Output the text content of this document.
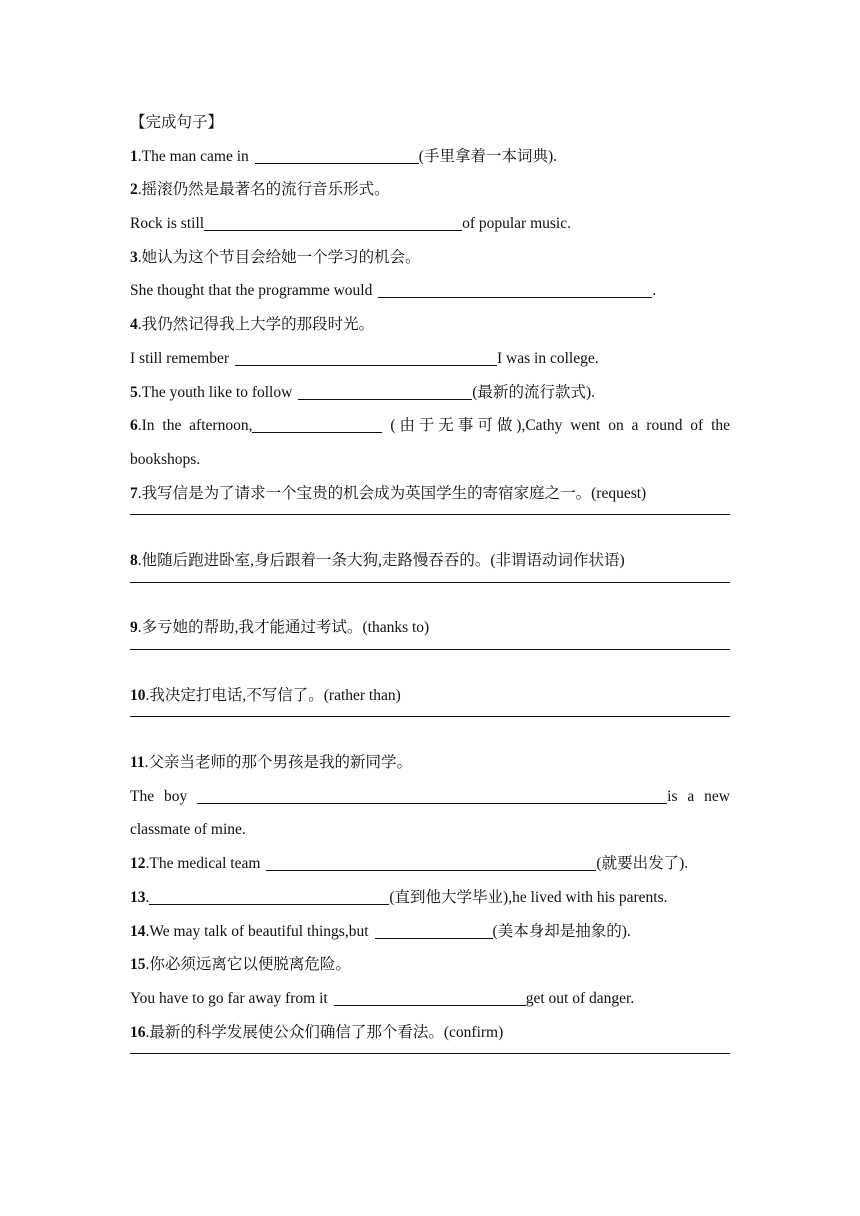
【完成句子】
1.The man came in	(手里拿着一本词典).
2.摇滚仍然是最著名的流行音乐形式。
Rock is still	of popular music.
3.她认为这个节目会给她一个学习的机会。
She thought that the programme would	.
4.我仍然记得我上大学的那段时光。
I still remember	I was in college.
5.The youth like to follow	(最新的流行款式).
6.In the afternoon,	(由于无事可做),Cathy went on a round of the
bookshops.
7.我写信是为了请求一个宝贵的机会成为英国学生的寄宿家庭之一。(request)
8.他随后跑进卧室,身后跟着一条大狗,走路慢吞吞的。(非谓语动词作状语)
9.多亏她的帮助,我才能通过考试。(thanks to)
10.我决定打电话,不写信了。(rather than)
11.父亲当老师的那个男孩是我的新同学。
The boy	is a new
classmate of mine.
12.The medical team	(就要出发了).
13.	(直到他大学毕业),he lived with his parents.
14.We may talk of beautiful things,but	(美本身却是抽象的).
15.你必须远离它以便脱离危险。
You have to go far away from it	get out of danger.
16.最新的科学发展使公众们确信了那个看法。(confirm)
